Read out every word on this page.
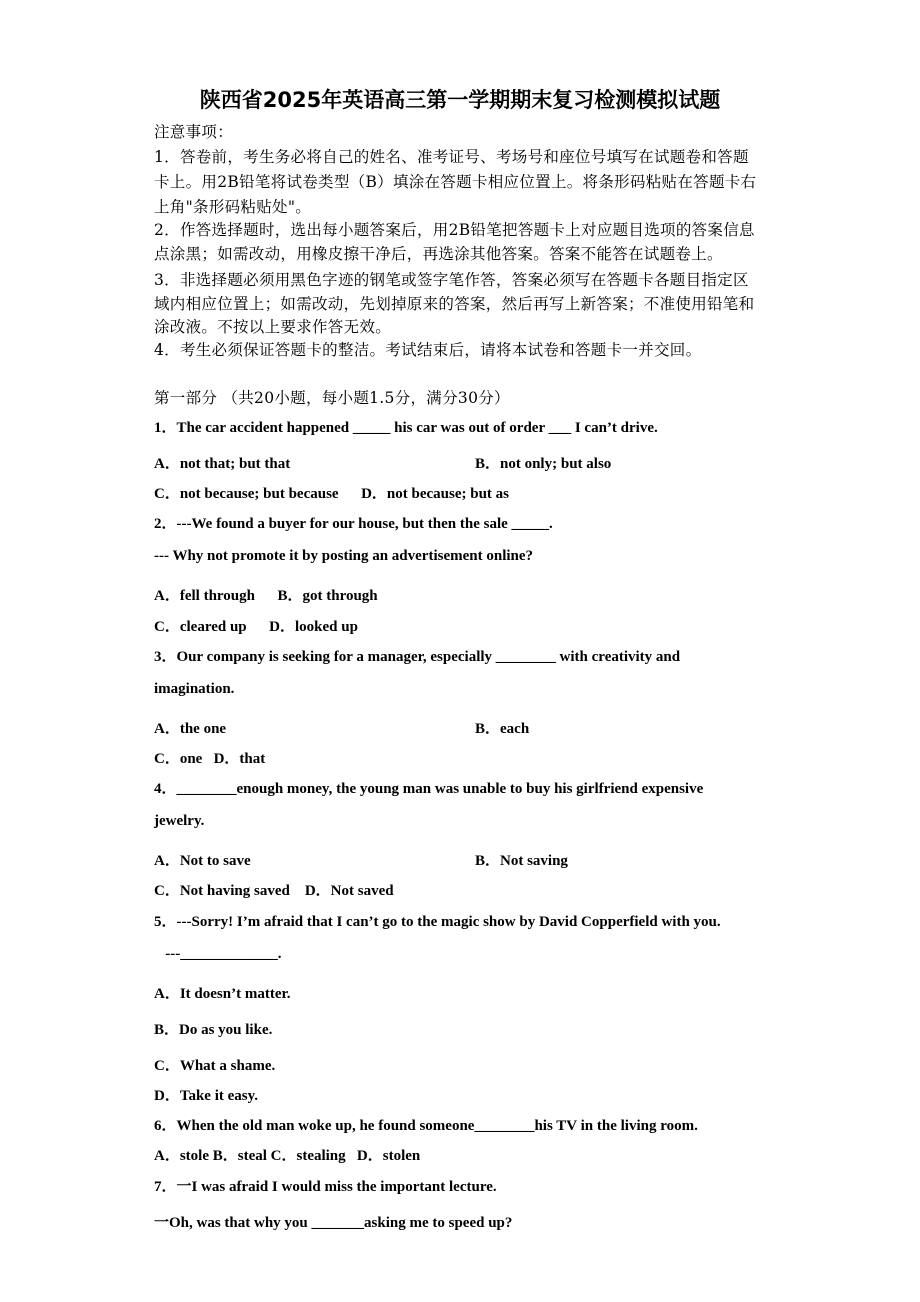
陕西省2025年英语高三第一学期期末复习检测模拟试题
注意事项：
1．答卷前，考生务必将自己的姓名、准考证号、考场号和座位号填写在试题卷和答题
卡上。用2B铅笔将试卷类型（B）填涂在答题卡相应位置上。将条形码粘贴在答题卡右
上角"条形码粘贴处"。
2．作答选择题时，选出每小题答案后，用2B铅笔把答题卡上对应题目选项的答案信息
点涂黑；如需改动，用橡皮擦干净后，再选涂其他答案。答案不能答在试题卷上。
3．非选择题必须用黑色字迹的钢笔或签字笔作答，答案必须写在答题卡各题目指定区
域内相应位置上；如需改动，先划掉原来的答案，然后再写上新答案；不准使用铅笔和
涂改液。不按以上要求作答无效。
4．考生必须保证答题卡的整洁。考试结束后，请将本试卷和答题卡一并交回。
第一部分 （共20小题，每小题1.5分，满分30分）
1．The car accident happened _____ his car was out of order ___ I can’t drive.
A．not that; but that	B．not only; but also
C．not because; but because      D．not because; but as
2．---We found a buyer for our house, but then the sale _____.
--- Why not promote it by posting an advertisement online?
A．fell through      B．got through
C．cleared up      D．looked up
3．Our company is seeking for a manager, especially ________ with creativity and
imagination.
A．the one	B．each
C．one   D．that
4．________enough money, the young man was unable to buy his girlfriend expensive
jewelry.
A．Not to save	B．Not saving
C．Not having saved    D．Not saved
5．---Sorry! I’m afraid that I can’t go to the magic show by David Copperfield with you.
---_____________.
A．It doesn’t matter.
B．Do as you like.
C．What a shame.
D．Take it easy.
6．When the old man woke up, he found someone________his TV in the living room.
A．stole B．steal C．stealing   D．stolen
7．一I was afraid I would miss the important lecture.
一Oh, was that why you _______asking me to speed up?
